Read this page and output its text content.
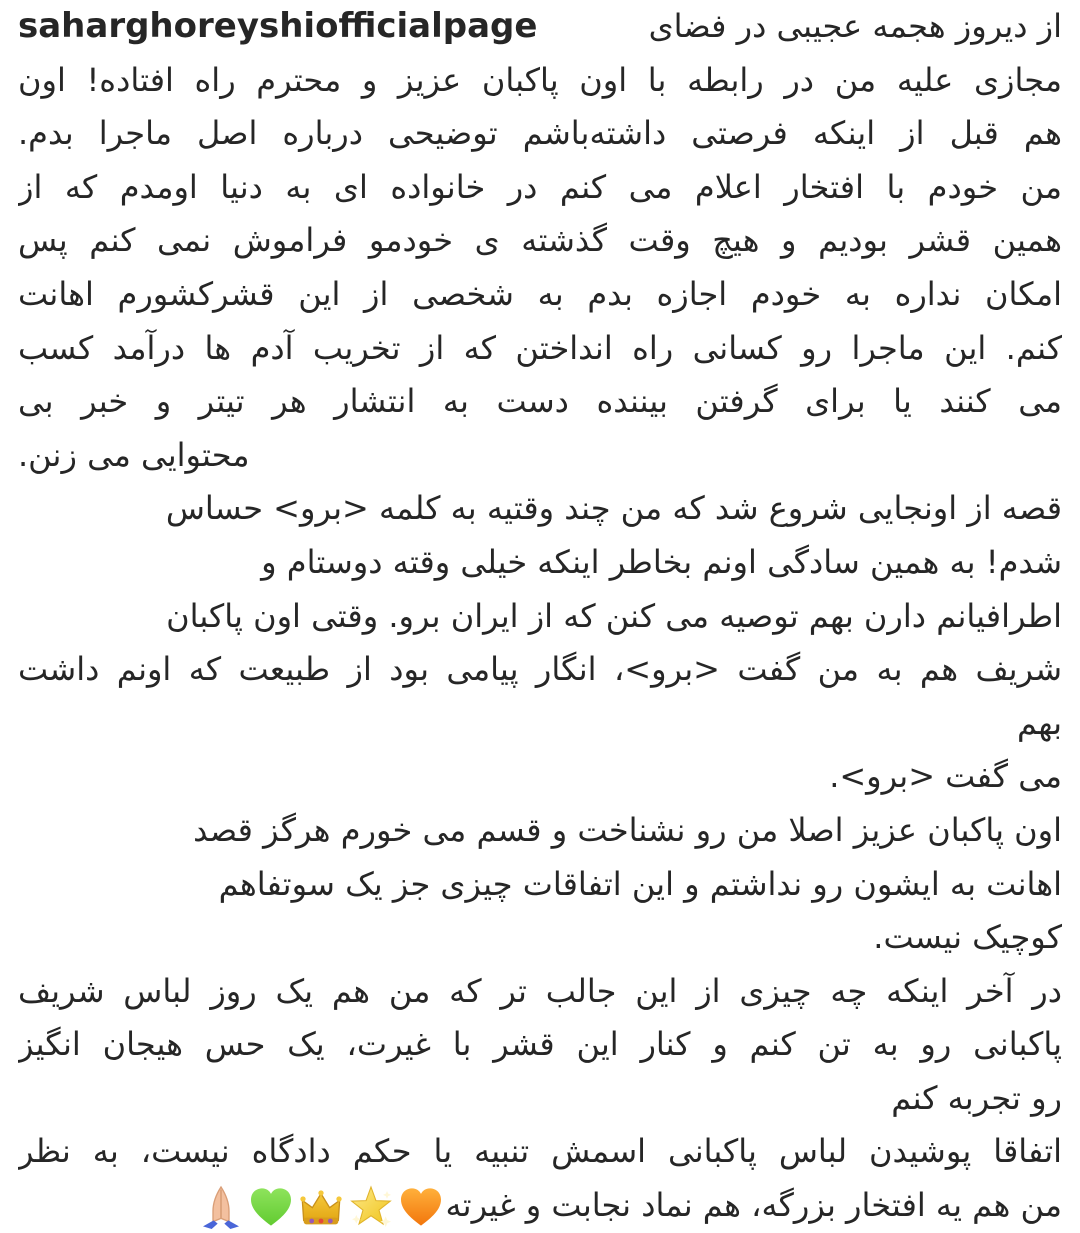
saharghoreyshiofficialpage	از دیروز هجمه عجیبی در فضای
مجازی علیه من در رابطه با اون پاکبان عزیز و محترم راه افتاده! اون
هم قبل از اینکه فرصتی داشته‌باشم توضیحی درباره اصل ماجرا بدم.
من خودم با افتخار اعلام می کنم در خانواده ای به دنیا اومدم که از
همین قشر بودیم و هیچ وقت گذشته ی خودمو فراموش نمی کنم پس
امکان نداره به خودم اجازه بدم به شخصی از این قشرکشورم اهانت
کنم. این ماجرا رو کسانی راه انداختن که از تخریب آدم ها درآمد کسب
می کنند یا برای گرفتن بیننده دست به انتشار هر تیتر و خبر بی
محتوایی می زنن.
قصه از اونجایی شروع شد که من چند وقتیه به کلمه <برو> حساس
شدم! به همین سادگی اونم بخاطر اینکه خیلی وقته دوستام و
اطرافیانم دارن بهم توصیه می کنن که از ایران برو. وقتی اون پاکبان
شریف هم به من گفت <برو>، انگار پیامی بود از طبیعت که اونم داشت
بهم
می گفت <برو>.
اون پاکبان عزیز اصلا من رو نشناخت و قسم می خورم هرگز قصد
اهانت به ایشون رو نداشتم و این اتفاقات چیزی جز یک سوتفاهم
کوچیک نیست.
در آخر اینکه چه چیزی از این جالب تر که من هم یک روز لباس شریف
پاکبانی رو به تن کنم و کنار این قشر با غیرت، یک حس هیجان انگیز
رو تجربه کنم
اتفاقا پوشیدن لباس پاکبانی اسمش تنبیه یا حکم دادگاه نیست، به نظر
من هم یه افتخار بزرگه، هم نماد نجابت و غیرته
